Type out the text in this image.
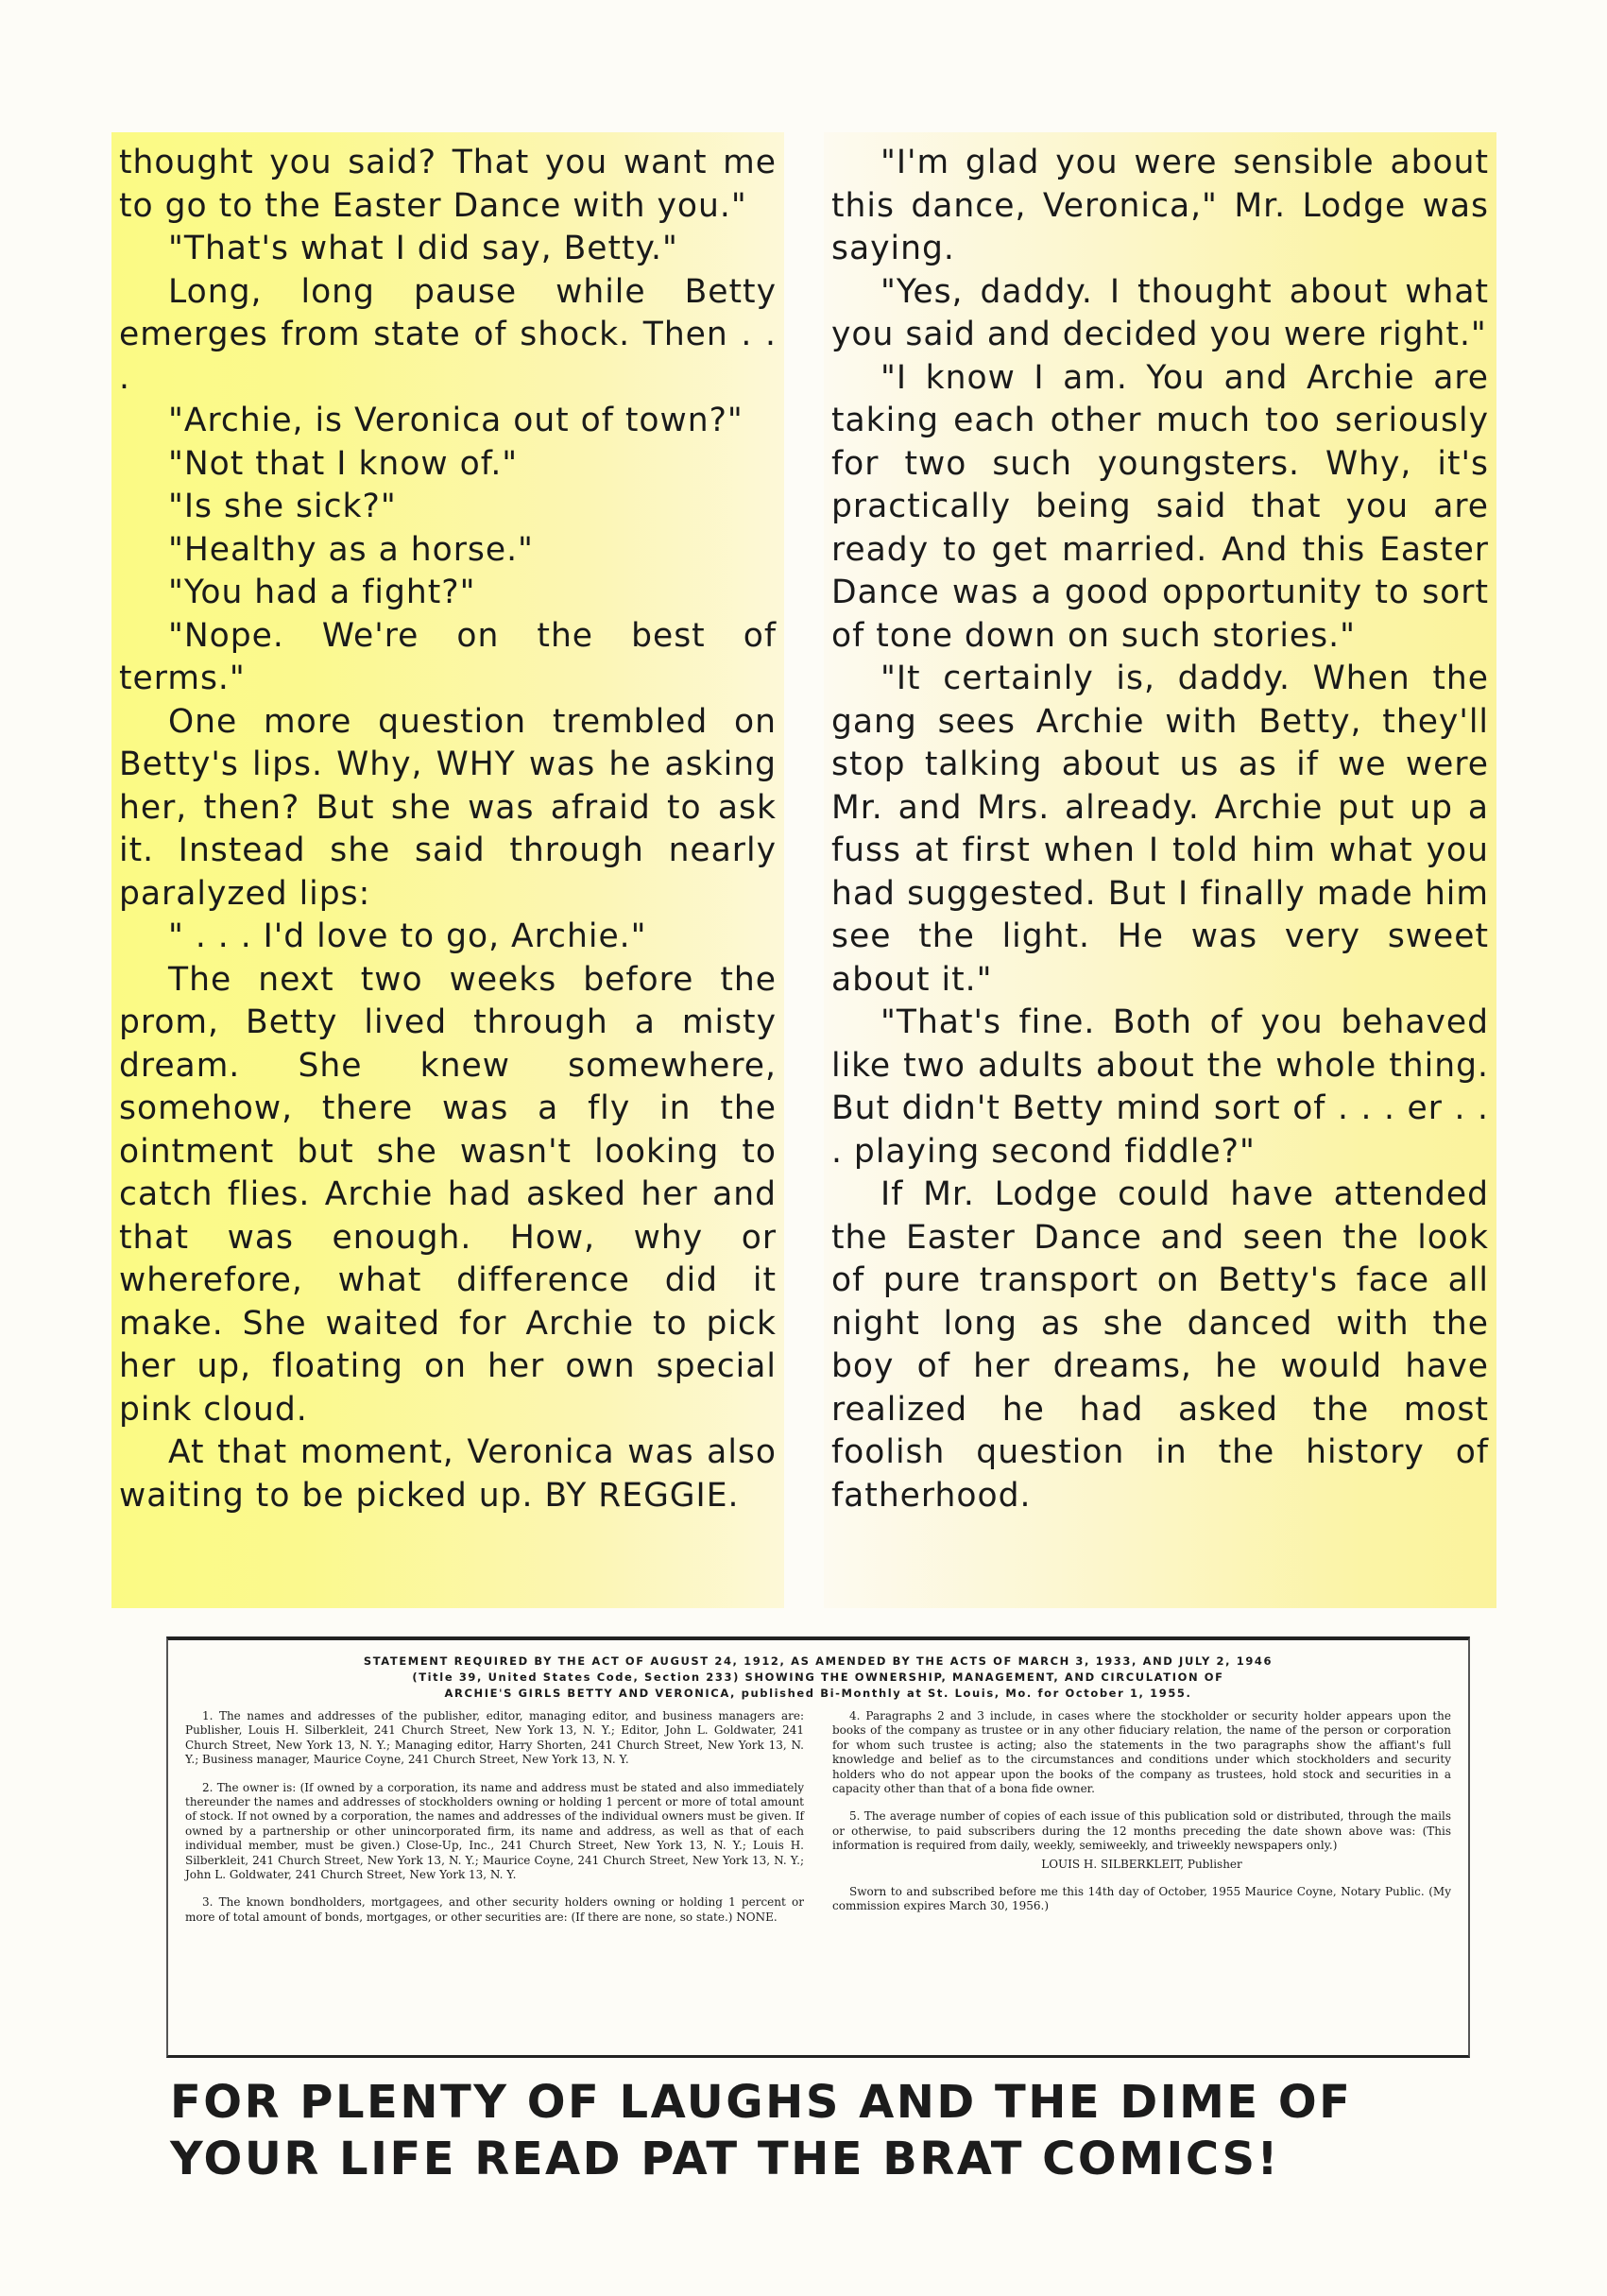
thought you said? That you want me to go to the Easter Dance with you."

"That's what I did say, Betty."

Long, long pause while Betty emerges from state of shock. Then . . .

"Archie, is Veronica out of town?"

"Not that I know of."

"Is she sick?"

"Healthy as a horse."

"You had a fight?"

"Nope. We're on the best of terms."

One more question trembled on Betty's lips. Why, WHY was he asking her, then? But she was afraid to ask it. Instead she said through nearly paralyzed lips:

" . . . I'd love to go, Archie."

The next two weeks before the prom, Betty lived through a misty dream. She knew somewhere, somehow, there was a fly in the ointment but she wasn't looking to catch flies. Archie had asked her and that was enough. How, why or wherefore, what difference did it make. She waited for Archie to pick her up, floating on her own special pink cloud.

At that moment, Veronica was also waiting to be picked up. BY REGGIE.

"I'm glad you were sensible about this dance, Veronica," Mr. Lodge was saying.

"Yes, daddy. I thought about what you said and decided you were right."

"I know I am. You and Archie are taking each other much too seriously for two such youngsters. Why, it's practically being said that you are ready to get married. And this Easter Dance was a good opportunity to sort of tone down on such stories."

"It certainly is, daddy. When the gang sees Archie with Betty, they'll stop talking about us as if we were Mr. and Mrs. already. Archie put up a fuss at first when I told him what you had suggested. But I finally made him see the light. He was very sweet about it."

"That's fine. Both of you behaved like two adults about the whole thing. But didn't Betty mind sort of . . . er . . . playing second fiddle?"

If Mr. Lodge could have attended the Easter Dance and seen the look of pure transport on Betty's face all night long as she danced with the boy of her dreams, he would have realized he had asked the most foolish question in the history of fatherhood.

STATEMENT REQUIRED BY THE ACT OF AUGUST 24, 1912, AS AMENDED BY THE ACTS OF MARCH 3, 1933, AND JULY 2, 1946
(Title 39, United States Code, Section 233) SHOWING THE OWNERSHIP, MANAGEMENT, AND CIRCULATION OF
ARCHIE'S GIRLS BETTY AND VERONICA, published Bi-Monthly at St. Louis, Mo. for October 1, 1955.

1. The names and addresses of the publisher, editor, managing editor, and business managers are: Publisher, Louis H. Silberkleit, 241 Church Street, New York 13, N. Y.; Editor, John L. Goldwater, 241 Church Street, New York 13, N. Y.; Managing editor, Harry Shorten, 241 Church Street, New York 13, N. Y.; Business manager, Maurice Coyne, 241 Church Street, New York 13, N. Y.

2. The owner is: (If owned by a corporation, its name and address must be stated and also immediately thereunder the names and addresses of stockholders owning or holding 1 percent or more of total amount of stock. If not owned by a corporation, the names and addresses of the individual owners must be given. If owned by a partnership or other unincorporated firm, its name and address, as well as that of each individual member, must be given.) Close-Up, Inc., 241 Church Street, New York 13, N. Y.; Louis H. Silberkleit, 241 Church Street, New York 13, N. Y.; Maurice Coyne, 241 Church Street, New York 13, N. Y.; John L. Goldwater, 241 Church Street, New York 13, N. Y.

3. The known bondholders, mortgagees, and other security holders owning or holding 1 percent or more of total amount of bonds, mortgages, or other securities are: (If there are none, so state.) NONE.

4. Paragraphs 2 and 3 include, in cases where the stockholder or security holder appears upon the books of the company as trustee or in any other fiduciary relation, the name of the person or corporation for whom such trustee is acting; also the statements in the two paragraphs show the affiant's full knowledge and belief as to the circumstances and conditions under which stockholders and security holders who do not appear upon the books of the company as trustees, hold stock and securities in a capacity other than that of a bona fide owner.

5. The average number of copies of each issue of this publication sold or distributed, through the mails or otherwise, to paid subscribers during the 12 months preceding the date shown above was: (This information is required from daily, weekly, semiweekly, and triweekly newspapers only.)

LOUIS H. SILBERKLEIT, Publisher

Sworn to and subscribed before me this 14th day of October, 1955 Maurice Coyne, Notary Public. (My commission expires March 30, 1956.)

FOR PLENTY OF LAUGHS AND THE DIME OF
YOUR LIFE READ PAT THE BRAT COMICS!
